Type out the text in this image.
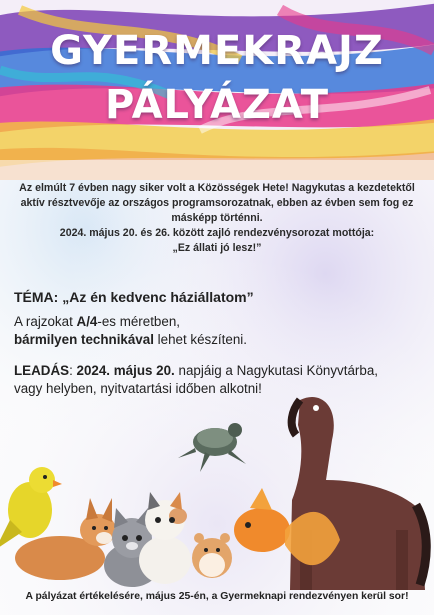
GYERMEKRAJZ
PÁLYÁZAT

Az elmúlt 7 évben nagy siker volt a Közösségek Hete! Nagykutas a kezdetektől

aktív résztvevője az országos programsorozatnak, ebben az évben sem fog ez

másképp történni.

2024. május 20. és 26. között zajló rendezvénysorozat mottója:

„Ez állati jó lesz!”

TÉMA: „Az én kedvenc háziállatom”
A rajzokat A/4-es méretben,
bármilyen technikával lehet készíteni.
LEADÁS: 2024. május 20. napjáig a Nagykutasi Könyvtárba,
vagy helyben, nyitvatartási időben alkotni!
A pályázat értékelésére, május 25-én, a Gyermeknapi rendezvényen kerül sor!
